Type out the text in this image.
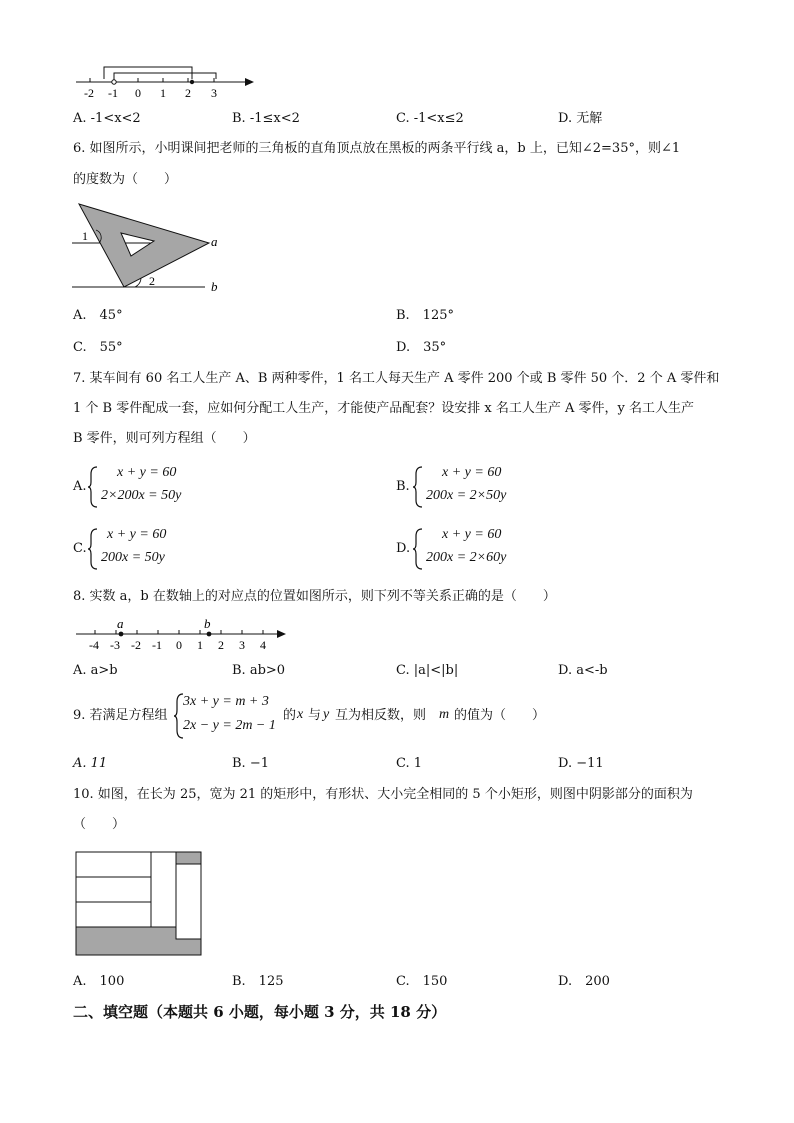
-2 -1 0 1 2 3
A. -1<x<2	B. -1≤x<2	C. -1<x≤2	D. 无解
6. 如图所示，小明课间把老师的三角板的直角顶点放在黑板的两条平行线 a，b 上，已知∠2=35°，则∠1
的度数为（　　）
1
2
a
b
A.　45°	B.　125°
C.　55°	D.　35°
7. 某车间有 60 名工人生产 A、B 两种零件，1 名工人每天生产 A 零件 200 个或 B 零件 50 个．2 个 A 零件和
1 个 B 零件配成一套，应如何分配工人生产，才能使产品配套？设安排 x 名工人生产 A 零件，y 名工人生产
B 零件，则可列方程组（　　）
A.
x + y = 60
2×200x = 50y
B.
x + y = 60
200x = 2×50y
C.
x + y = 60
200x = 50y
D.
x + y = 60
200x = 2×60y
8. 实数 a，b 在数轴上的对应点的位置如图所示，则下列不等关系正确的是（　　）
a	b
-4 -3 -2 -1 0 1 2 3 4
A. a>b	B. ab>0	C. |a|<|b|	D. a<-b
9. 若满足方程组
3x + y = m + 3
2x − y = 2m − 1
的 x 与 y 互为相反数，则 m 的值为（　　）
A. 11	B. −1	C. 1	D. −11
10. 如图，在长为 25，宽为 21 的矩形中，有形状、大小完全相同的 5 个小矩形，则图中阴影部分的面积为
（　　）
A.　100	B.　125	C.　150	D.　200
二、填空题（本题共 6 小题，每小题 3 分，共 18 分）
